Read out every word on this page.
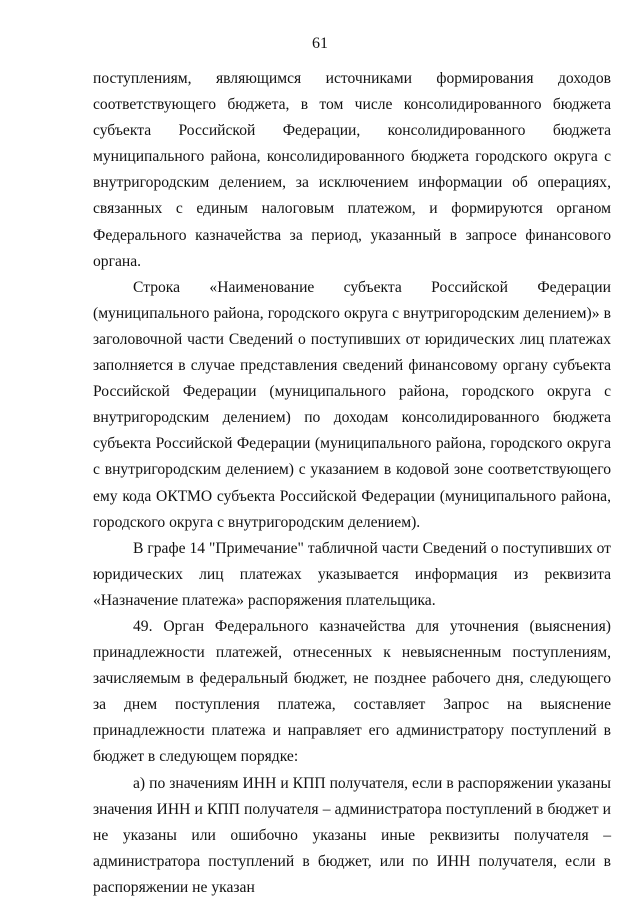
61

поступлениям, являющимся источниками формирования доходов соответствующего бюджета, в том числе консолидированного бюджета субъекта Российской Федерации, консолидированного бюджета муниципального района, консолидированного бюджета городского округа с внутригородским делением, за исключением информации об операциях, связанных с единым налоговым платежом, и формируются органом Федерального казначейства за период, указанный в запросе финансового органа.

Строка «Наименование субъекта Российской Федерации (муниципального района, городского округа с внутригородским делением)» в заголовочной части Сведений о поступивших от юридических лиц платежах заполняется в случае представления сведений финансовому органу субъекта Российской Федерации (муниципального района, городского округа с внутригородским делением) по доходам консолидированного бюджета субъекта Российской Федерации (муниципального района, городского округа с внутригородским делением) с указанием в кодовой зоне соответствующего ему кода ОКТМО субъекта Российской Федерации (муниципального района, городского округа с внутригородским делением).

В графе 14 "Примечание" табличной части Сведений о поступивших от юридических лиц платежах указывается информация из реквизита «Назначение платежа» распоряжения плательщика.

49. Орган Федерального казначейства для уточнения (выяснения) принадлежности платежей, отнесенных к невыясненным поступлениям, зачисляемым в федеральный бюджет, не позднее рабочего дня, следующего за днем поступления платежа, составляет Запрос на выяснение принадлежности платежа и направляет его администратору поступлений в бюджет в следующем порядке:

а) по значениям ИНН и КПП получателя, если в распоряжении указаны значения ИНН и КПП получателя – администратора поступлений в бюджет и не указаны или ошибочно указаны иные реквизиты получателя – администратора поступлений в бюджет, или по ИНН получателя, если в распоряжении не указан
